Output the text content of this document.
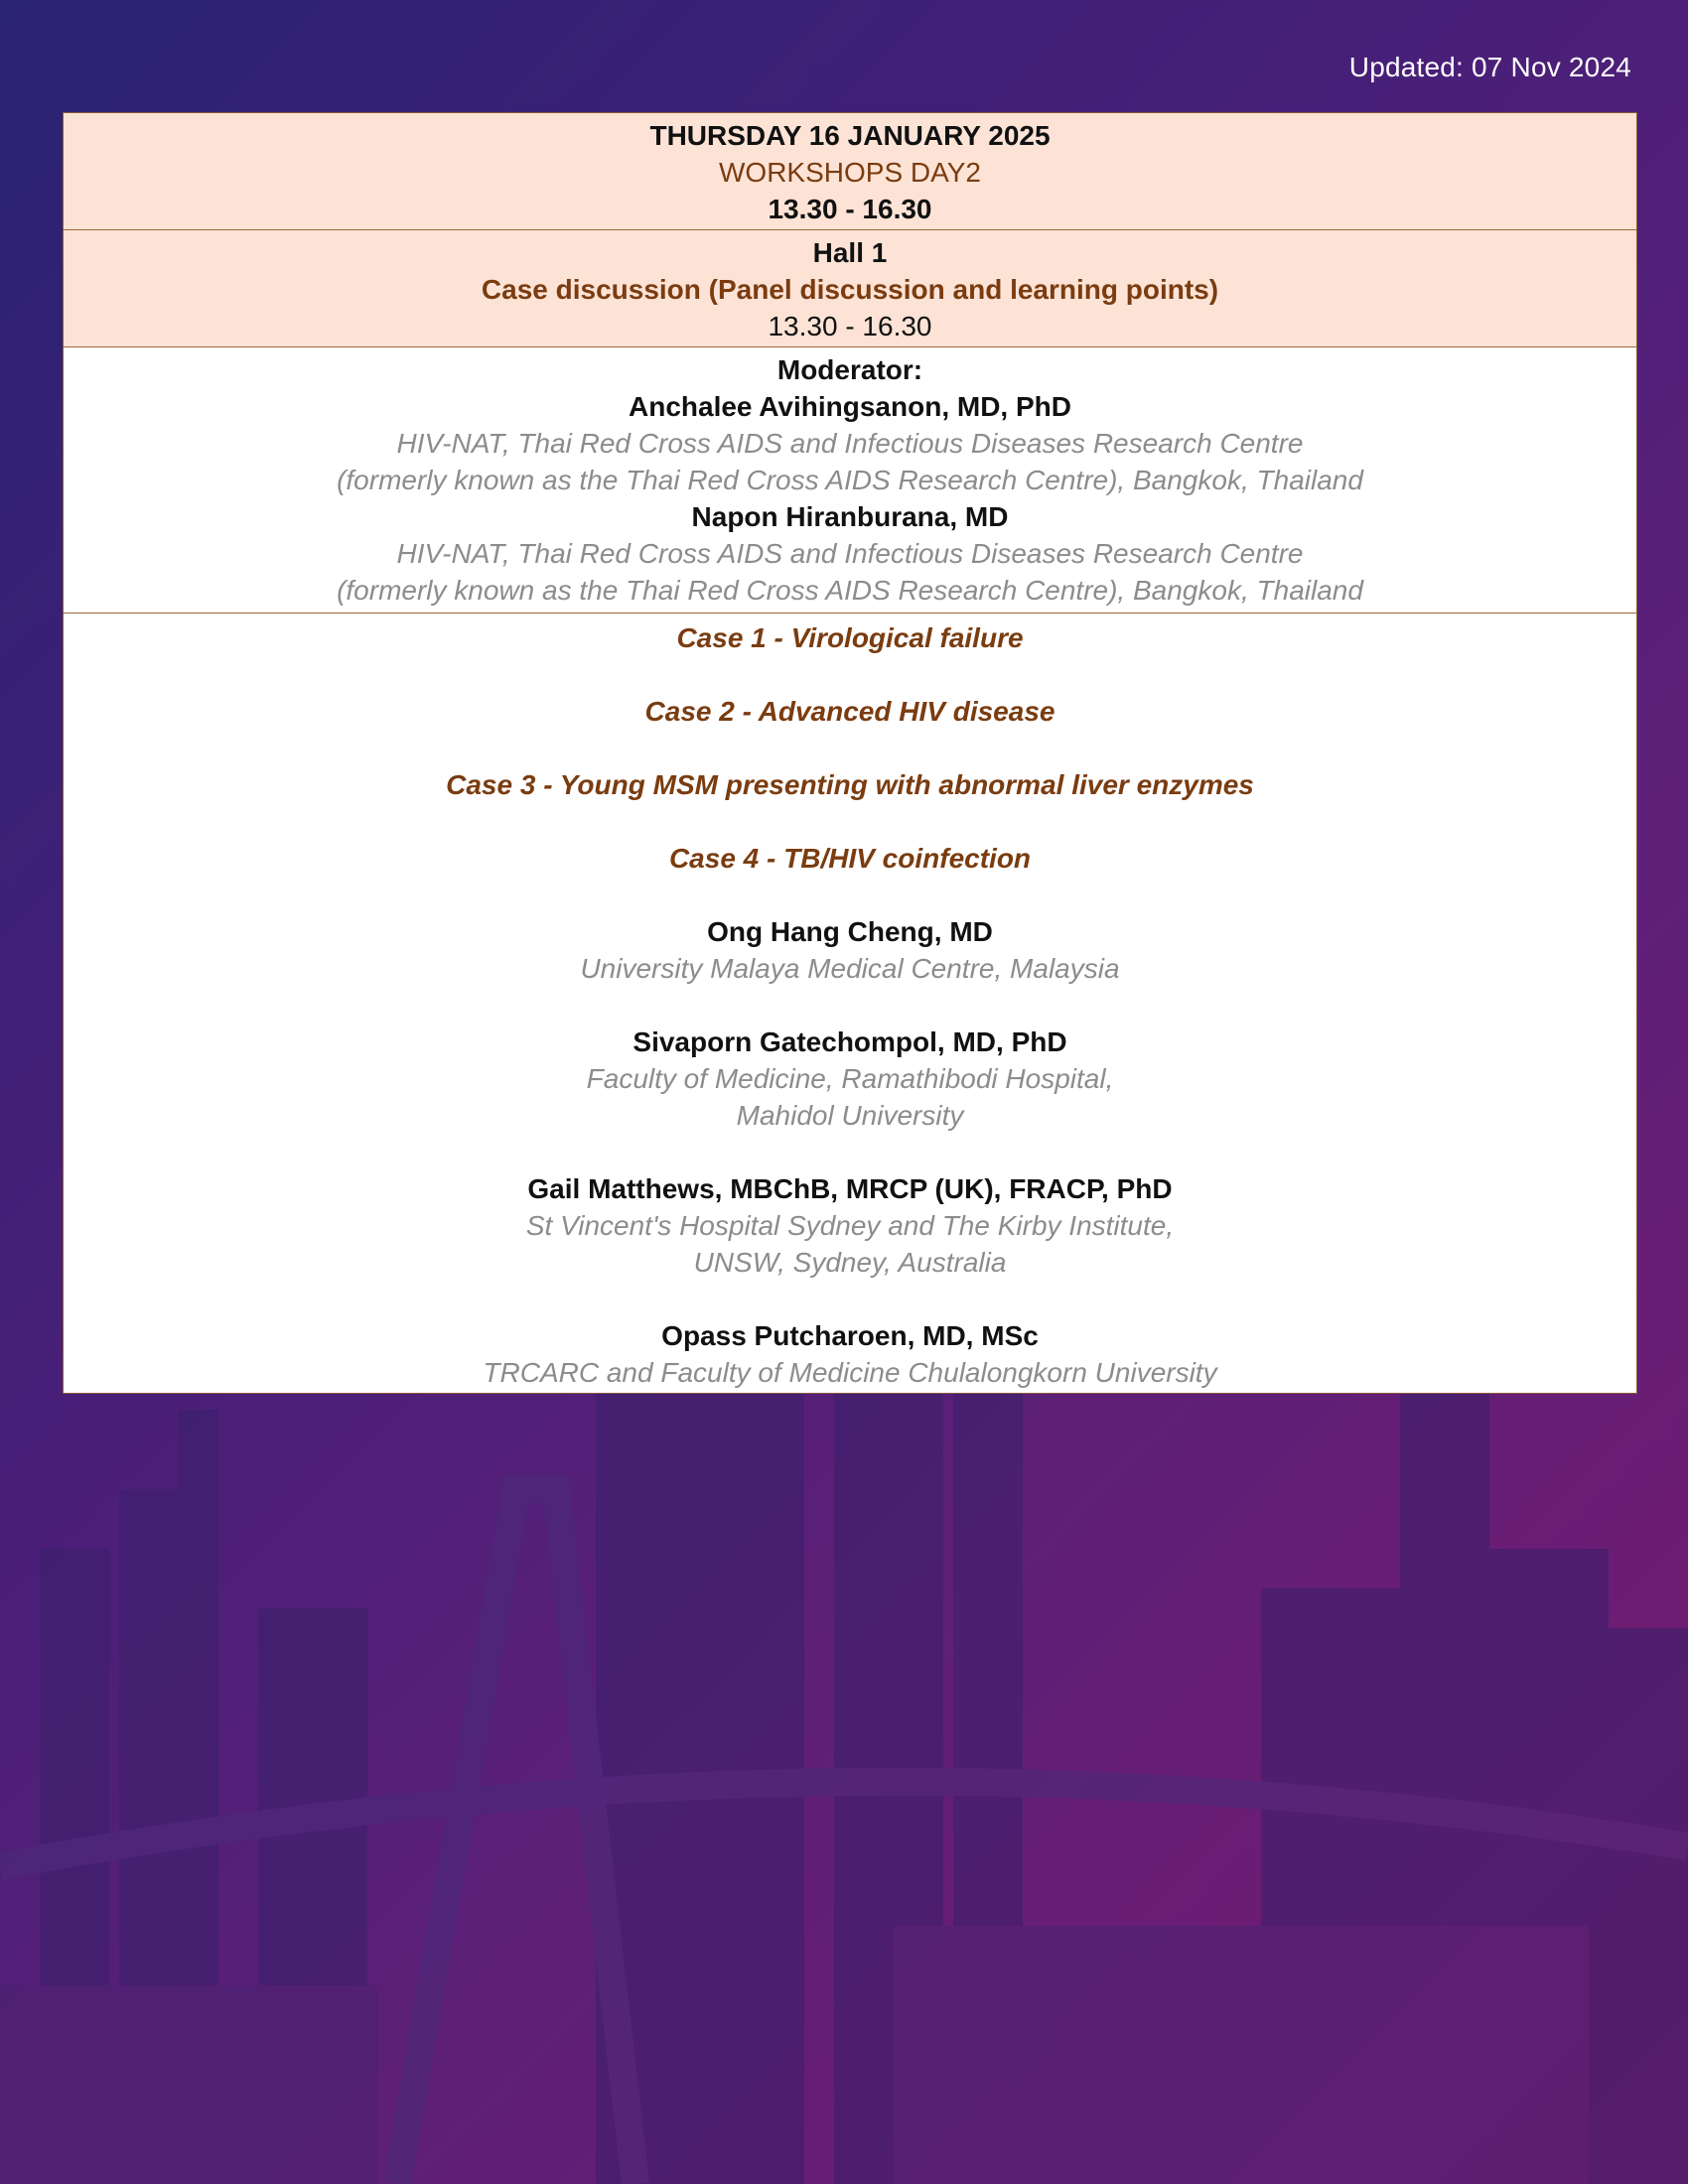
Updated: 07 Nov 2024

THURSDAY 16 JANUARY 2025

WORKSHOPS DAY2

13.30 - 16.30

Hall 1

Case discussion (Panel discussion and learning points)

13.30 - 16.30

Moderator:

Anchalee Avihingsanon, MD, PhD

HIV-NAT, Thai Red Cross AIDS and Infectious Diseases Research Centre

(formerly known as the Thai Red Cross AIDS Research Centre), Bangkok, Thailand

Napon Hiranburana, MD

HIV-NAT, Thai Red Cross AIDS and Infectious Diseases Research Centre

(formerly known as the Thai Red Cross AIDS Research Centre), Bangkok, Thailand

Case 1 - Virological failure
Case 2 - Advanced HIV disease
Case 3 - Young MSM presenting with abnormal liver enzymes
Case 4 - TB/HIV coinfection

Ong Hang Cheng, MD

University Malaya Medical Centre, Malaysia

Sivaporn Gatechompol, MD, PhD

Faculty of Medicine, Ramathibodi Hospital,

Mahidol University

Gail Matthews, MBChB, MRCP (UK), FRACP, PhD

St Vincent's Hospital Sydney and The Kirby Institute,

UNSW, Sydney, Australia

Opass Putcharoen, MD, MSc

TRCARC and Faculty of Medicine Chulalongkorn University
